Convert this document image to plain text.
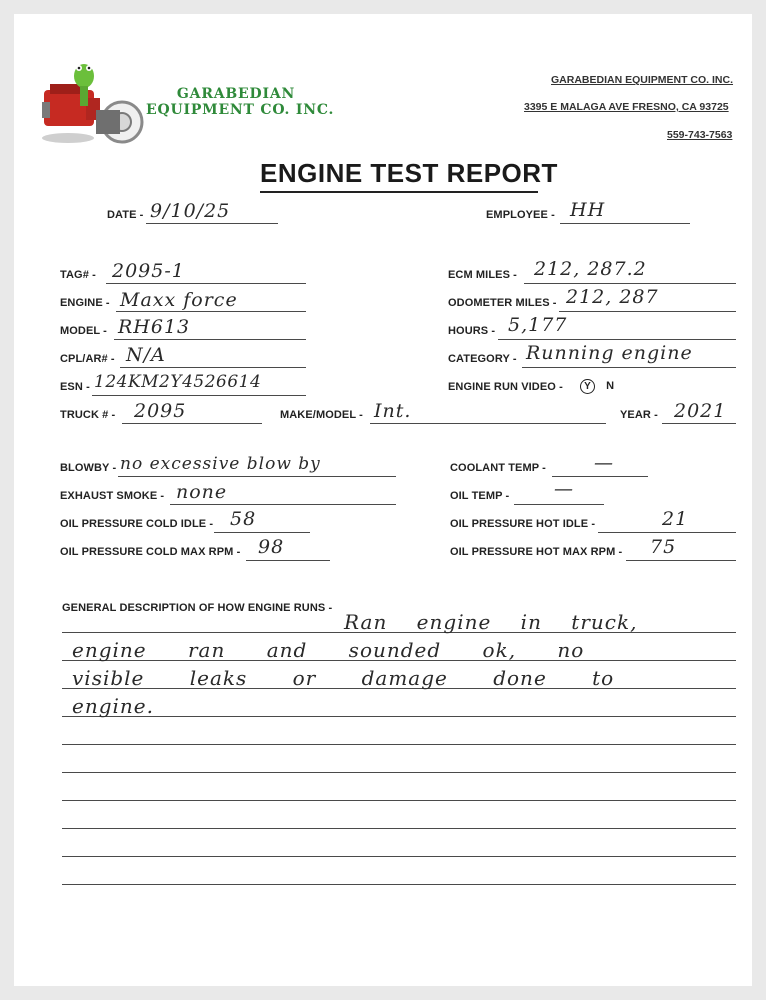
GARABEDIAN
EQUIPMENT CO. INC.
GARABEDIAN EQUIPMENT CO. INC.
3395 E MALAGA AVE FRESNO, CA 93725
559-743-7563
ENGINE TEST REPORT
DATE - 9/10/25	EMPLOYEE - HH
TAG# - 2095-1	ECM MILES - 212, 287.2
ENGINE - Maxx force	ODOMETER MILES - 212, 287
MODEL - RH613	HOURS - 5,177
CPL/AR# - N/A	CATEGORY - Running engine
ESN - 124KM2Y4526614	ENGINE RUN VIDEO -	Y N
TRUCK # - 2095	MAKE/MODEL - Int.	YEAR - 2021
BLOWBY - no excessive blow by	COOLANT TEMP -	—
EXHAUST SMOKE - none	OIL TEMP - —
OIL PRESSURE COLD IDLE - 58	OIL PRESSURE HOT IDLE -	21
OIL PRESSURE COLD MAX RPM - 98	OIL PRESSURE HOT MAX RPM - 75
GENERAL DESCRIPTION OF HOW ENGINE RUNS -
Ran engine in truck,
engine ran and sounded ok, no
visible leaks or damage done to
engine.
